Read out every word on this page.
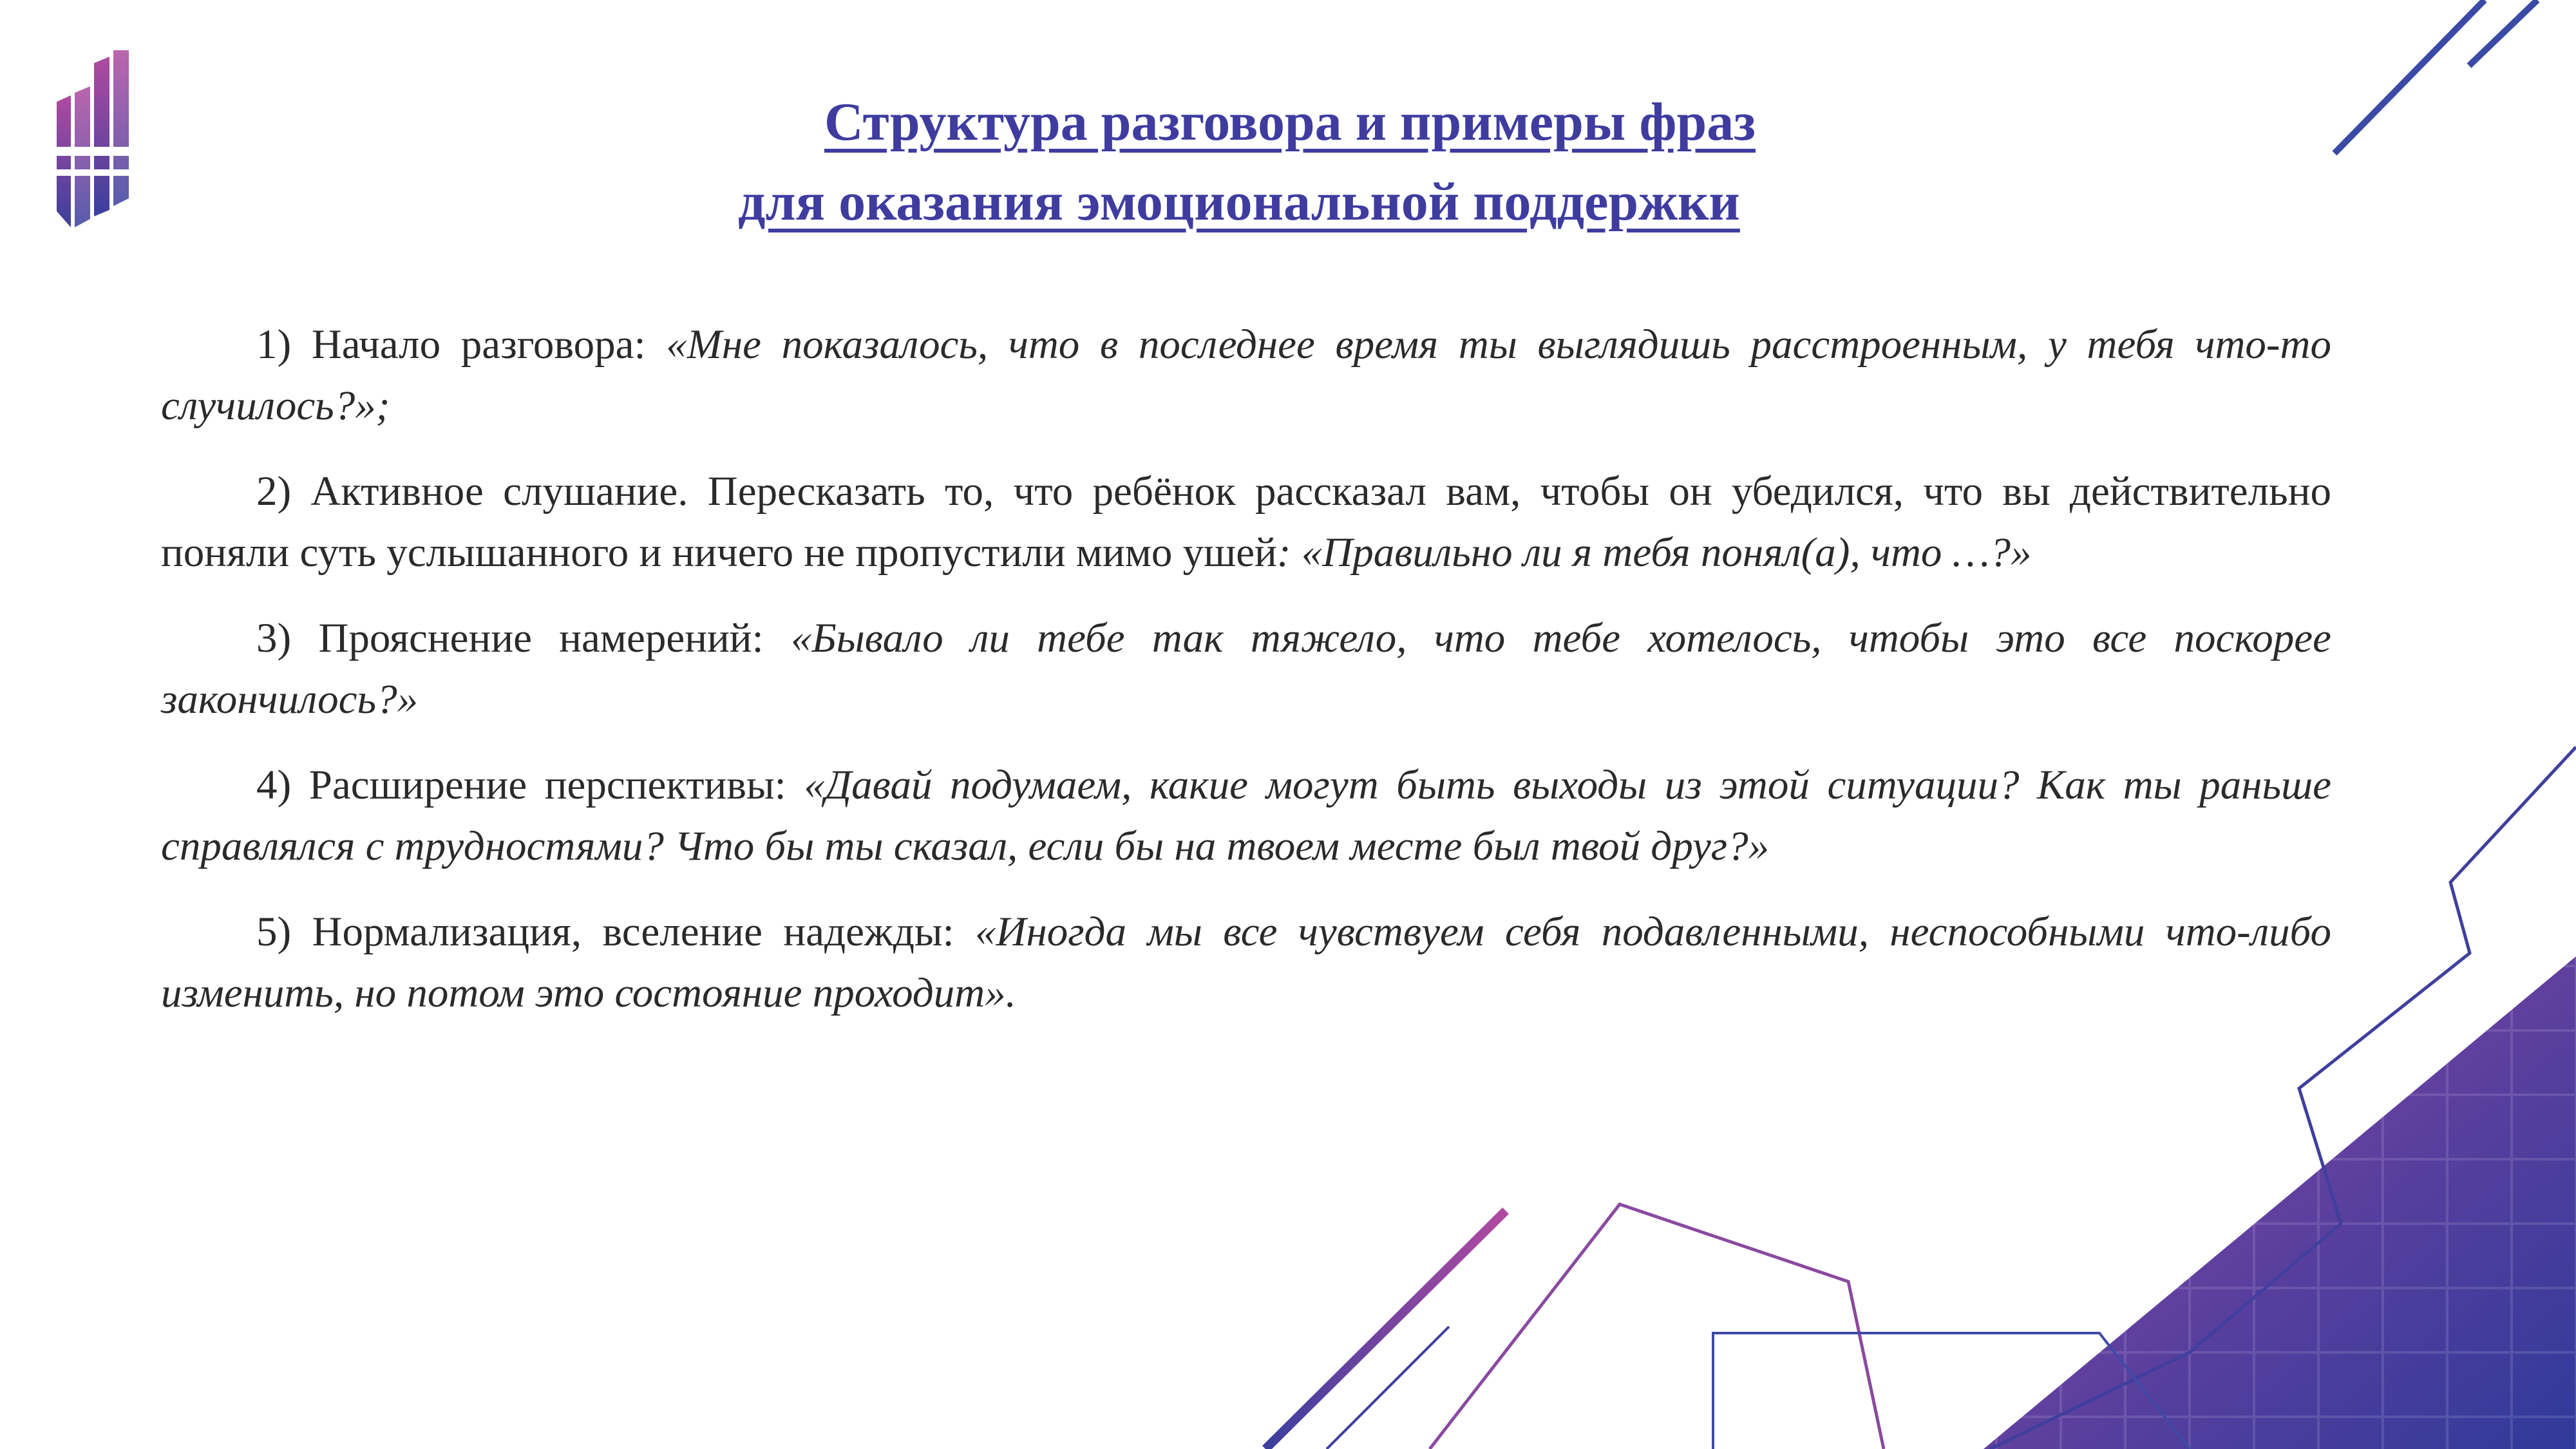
Структура разговора и примеры фраз
для оказания эмоциональной поддержки

1) Начало разговора: «Мне показалось, что в последнее время ты выглядишь расстроенным, у тебя что-то случилось?»;

2) Активное слушание. Пересказать то, что ребёнок рассказал вам, чтобы он убедился, что вы действительно поняли суть услышанного и ничего не пропустили мимо ушей: «Правильно ли я тебя понял(а), что …?»

3) Прояснение намерений: «Бывало ли тебе так тяжело, что тебе хотелось, чтобы это все поскорее закончилось?»

4) Расширение перспективы: «Давай подумаем, какие могут быть выходы из этой ситуации? Как ты раньше справлялся с трудностями? Что бы ты сказал, если бы на твоем месте был твой друг?»

5) Нормализация, вселение надежды: «Иногда мы все чувствуем себя подавленными, неспособными что-либо изменить, но потом это состояние проходит».
